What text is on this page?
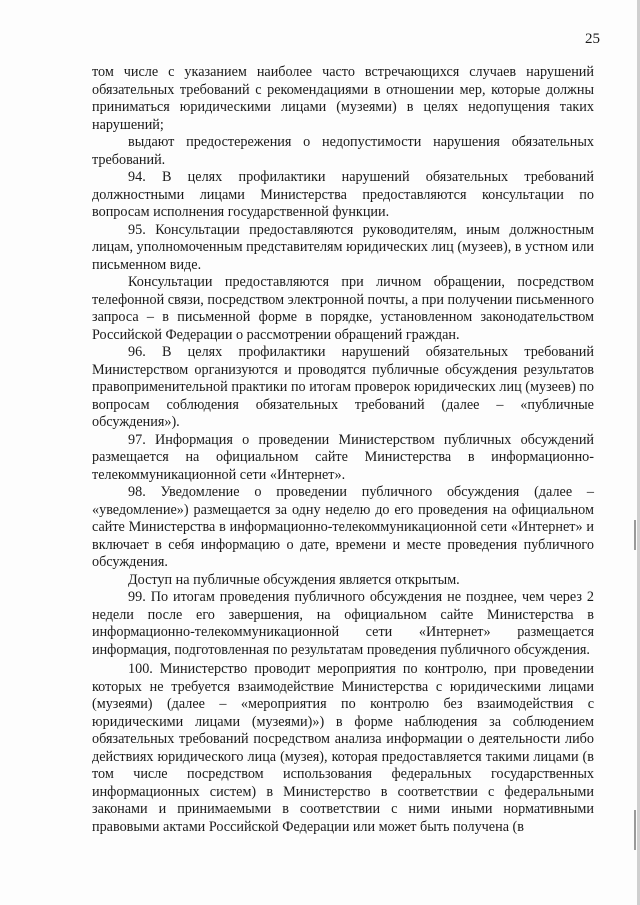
25

том числе с указанием наиболее часто встречающихся случаев нарушений обязательных требований с рекомендациями в отношении мер, которые должны приниматься юридическими лицами (музеями) в целях недопущения таких нарушений;

выдают предостережения о недопустимости нарушения обязательных требований.

94. В целях профилактики нарушений обязательных требований должностными лицами Министерства предоставляются консультации по вопросам исполнения государственной функции.

95. Консультации предоставляются руководителям, иным должностным лицам, уполномоченным представителям юридических лиц (музеев), в устном или письменном виде.

Консультации предоставляются при личном обращении, посредством телефонной связи, посредством электронной почты, а при получении письменного запроса – в письменной форме в порядке, установленном законодательством Российской Федерации о рассмотрении обращений граждан.

96. В целях профилактики нарушений обязательных требований Министерством организуются и проводятся публичные обсуждения результатов правоприменительной практики по итогам проверок юридических лиц (музеев) по вопросам соблюдения обязательных требований (далее – «публичные обсуждения»).

97. Информация о проведении Министерством публичных обсуждений размещается на официальном сайте Министерства в информационно-телекоммуникационной сети «Интернет».

98. Уведомление о проведении публичного обсуждения (далее – «уведомление») размещается за одну неделю до его проведения на официальном сайте Министерства в информационно-телекоммуникационной сети «Интернет» и включает в себя информацию о дате, времени и месте проведения публичного обсуждения.

Доступ на публичные обсуждения является открытым.

99. По итогам проведения публичного обсуждения не позднее, чем через 2 недели после его завершения, на официальном сайте Министерства в информационно-телекоммуникационной сети «Интернет» размещается информация, подготовленная по результатам проведения публичного обсуждения.

100. Министерство проводит мероприятия по контролю, при проведении которых не требуется взаимодействие Министерства с юридическими лицами (музеями) (далее – «мероприятия по контролю без взаимодействия с юридическими лицами (музеями)») в форме наблюдения за соблюдением обязательных требований посредством анализа информации о деятельности либо действиях юридического лица (музея), которая предоставляется такими лицами (в том числе посредством использования федеральных государственных информационных систем) в Министерство в соответствии с федеральными законами и принимаемыми в соответствии с ними иными нормативными правовыми актами Российской Федерации или может быть получена (в
